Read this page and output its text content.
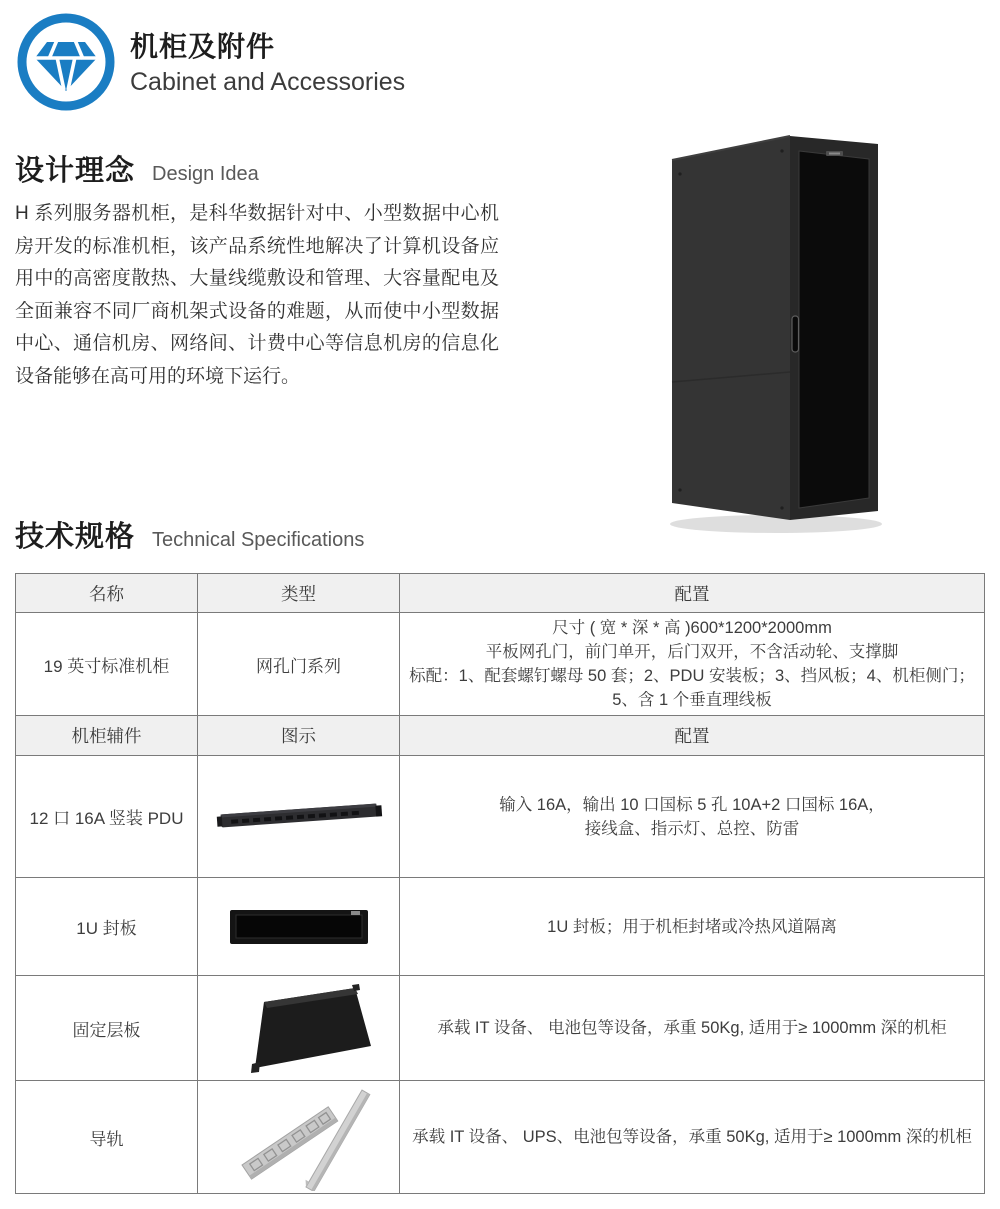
机柜及附件
Cabinet and Accessories
设计理念 Design Idea
H 系列服务器机柜，是科华数据针对中、小型数据中心机房开发的标准机柜，该产品系统性地解决了计算机设备应用中的高密度散热、大量线缆敷设和管理、大容量配电及全面兼容不同厂商机架式设备的难题，从而使中小型数据中心、通信机房、网络间、计费中心等信息机房的信息化设备能够在高可用的环境下运行。
技术规格 Technical Specifications
名称	类型	配置
19 英寸标准机柜	网孔门系列	尺寸 ( 宽 * 深 * 高 )600*1200*2000mm
平板网孔门，前门单开，后门双开，不含活动轮、支撑脚
标配：1、配套螺钉螺母 50 套；2、PDU 安装板；3、挡风板；4、机柜侧门；
5、含 1 个垂直理线板

机柜辅件	图示	配置
12 口 16A 竖装 PDU		输入 16A，输出 10 口国标 5 孔 10A+2 口国标 16A，
接线盒、指示灯、总控、防雷

1U 封板		1U 封板；用于机柜封堵或冷热风道隔离

固定层板		承载 IT 设备、 电池包等设备，承重 50Kg, 适用于≥ 1000mm 深的机柜

导轨		承载 IT 设备、 UPS、电池包等设备，承重 50Kg, 适用于≥ 1000mm 深的机柜
